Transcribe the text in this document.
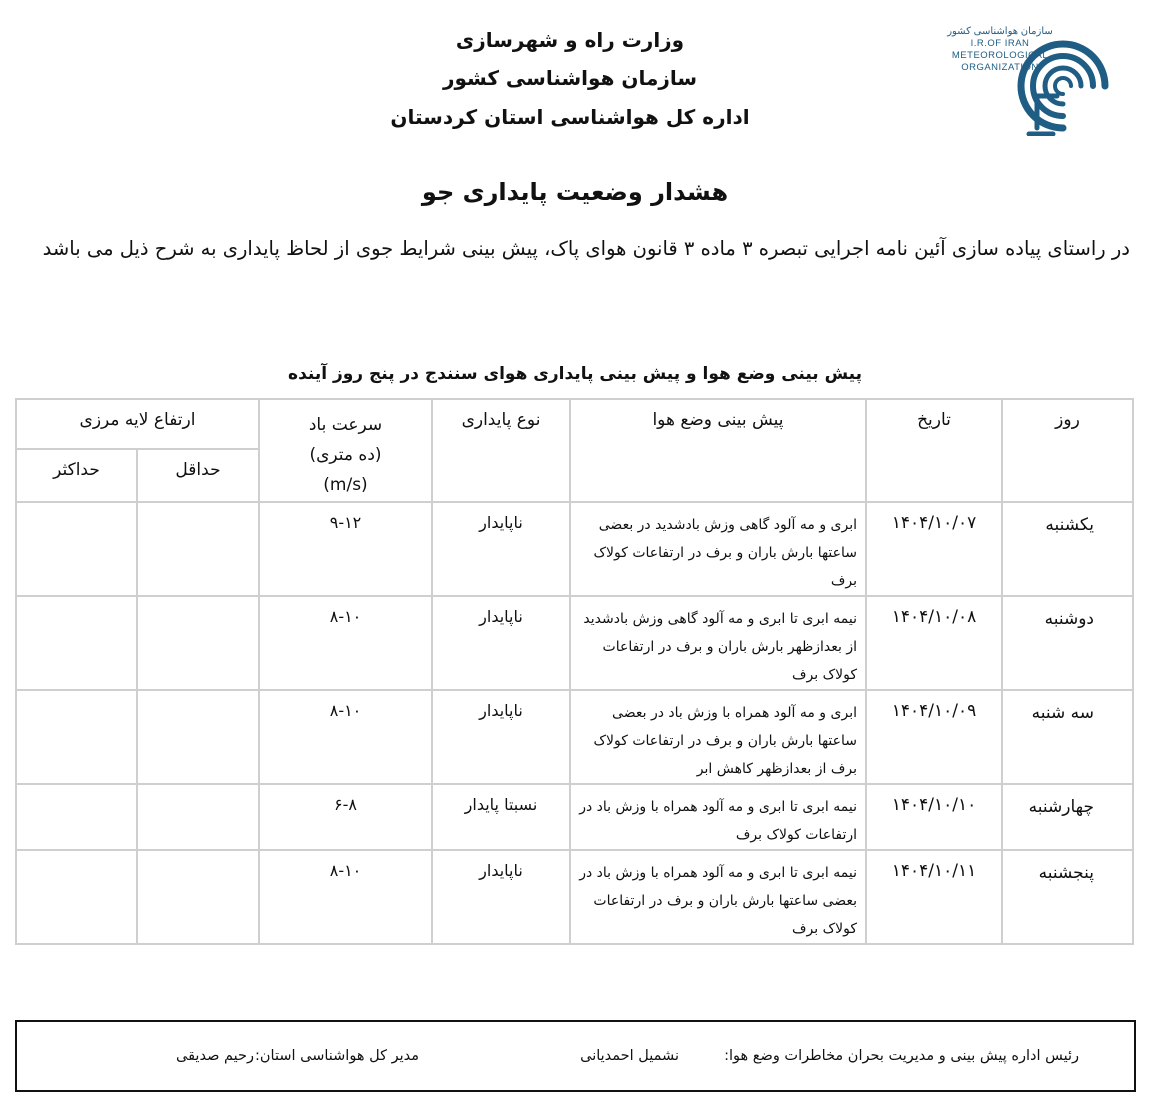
وزارت راه و شهرسازی
سازمان هواشناسی کشور
اداره کل هواشناسی استان کردستان
سازمان هواشناسی کشور
I.R.OF IRAN
METEOROLOGICAL
ORGANIZATION
هشدار وضعیت پایداری جو
در راستای پیاده سازی آئین نامه اجرایی تبصره ۳ ماده ۳ قانون هوای پاک، پیش بینی شرایط جوی از لحاظ پایداری به شرح ذیل می باشد
پیش بینی وضع هوا و پیش بینی پایداری هوای سنندج در پنج روز آینده
روز	تاریخ	پیش بینی وضع هوا	نوع پایداری	سرعت باد
(ده متری)
(m/s)	ارتفاع لایه مرزی	
					حداقل	حداکثر
یکشنبه	۱۴۰۴/۱۰/۰۷	ابری و مه آلود گاهی وزش بادشدید در بعضی ساعتها بارش باران و برف در ارتفاعات کولاک برف	ناپایدار	۹-۱۲		
دوشنبه	۱۴۰۴/۱۰/۰۸	نیمه ابری تا ابری و مه آلود گاهی وزش بادشدید از بعدازظهر بارش باران و برف در ارتفاعات کولاک برف	ناپایدار	۸-۱۰		
سه شنبه	۱۴۰۴/۱۰/۰۹	ابری و مه آلود همراه با وزش باد در بعضی ساعتها بارش باران و برف در ارتفاعات کولاک برف از بعدازظهر کاهش ابر	ناپایدار	۸-۱۰		
چهارشنبه	۱۴۰۴/۱۰/۱۰	نیمه ابری تا ابری و مه آلود همراه با وزش باد در ارتفاعات کولاک برف	نسبتا پایدار	۶-۸		
پنجشنبه	۱۴۰۴/۱۰/۱۱	نیمه ابری تا ابری و مه آلود همراه با وزش باد در بعضی ساعتها بارش باران و برف در ارتفاعات کولاک برف	ناپایدار	۸-۱۰		
رئیس اداره پیش بینی و مدیریت بحران مخاطرات وضع هوا:
نشمیل احمدیانی
مدیر کل هواشناسی استان:
رحیم صدیقی
